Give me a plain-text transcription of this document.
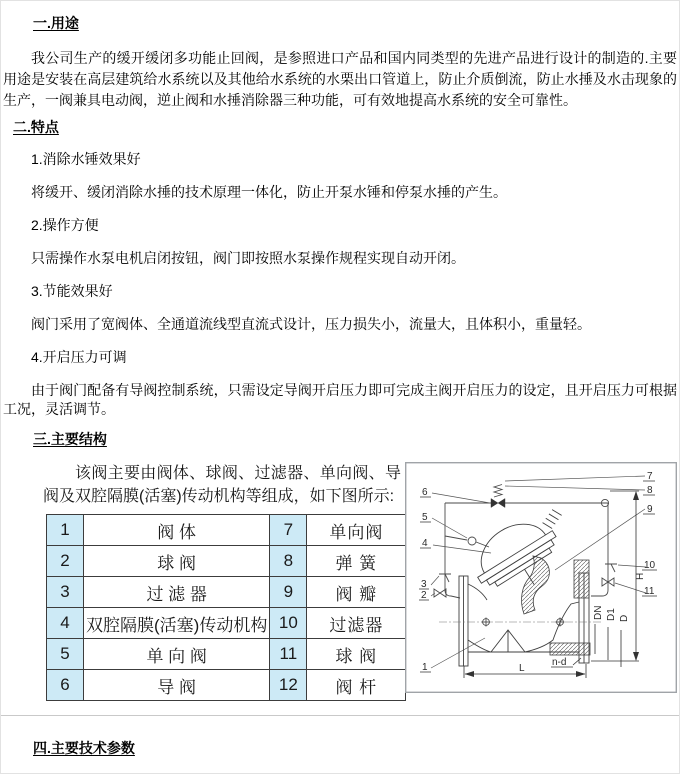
一.用途

我公司生产的缓开缓闭多功能止回阀，是参照进口产品和国内同类型的先进产品进行设计的制造的.主要用途是安装在高层建筑给水系统以及其他给水系统的水栗出口管道上，防止介质倒流，防止水捶及水击现象的生产，一阀兼具电动阀，逆止阀和水捶消除器三种功能，可有效地提高水系统的安全可靠性。

二.特点

1.消除水锤效果好

将缓开、缓闭消除水捶的技术原理一体化，防止开泵水锤和停泵水捶的产生。

2.操作方便

只需操作水泵电机启闭按钮，阀门即按照水泵操作规程实现自动开闭。

3.节能效果好

阀门采用了宽阀体、全通道流线型直流式设计，压力损失小，流量大，且体积小，重量轻。

4.开启压力可调

由于阀门配备有导阀控制系统，只需设定导阀开启压力即可完成主阀开启压力的设定，且开启压力可根据工况，灵活调节。

三.主要结构

该阀主要由阀体、球阀、过滤器、单向阀、导阀及双腔隔膜(活塞)传动机构等组成，如下图所示:

1	阀 体	7	单向阀
2	球 阀	8	弹 簧
3	过 滤 器	9	阀 瓣
4	双腔隔膜(活塞)传动机构	10	过滤器
5	单 向 阀	11	球 阀
6	导 阀	12	阀 杆
6
5
4
3
2
1
7
8
9
10
11
H
L
DN D1 D
n-d

四.主要技术参数
